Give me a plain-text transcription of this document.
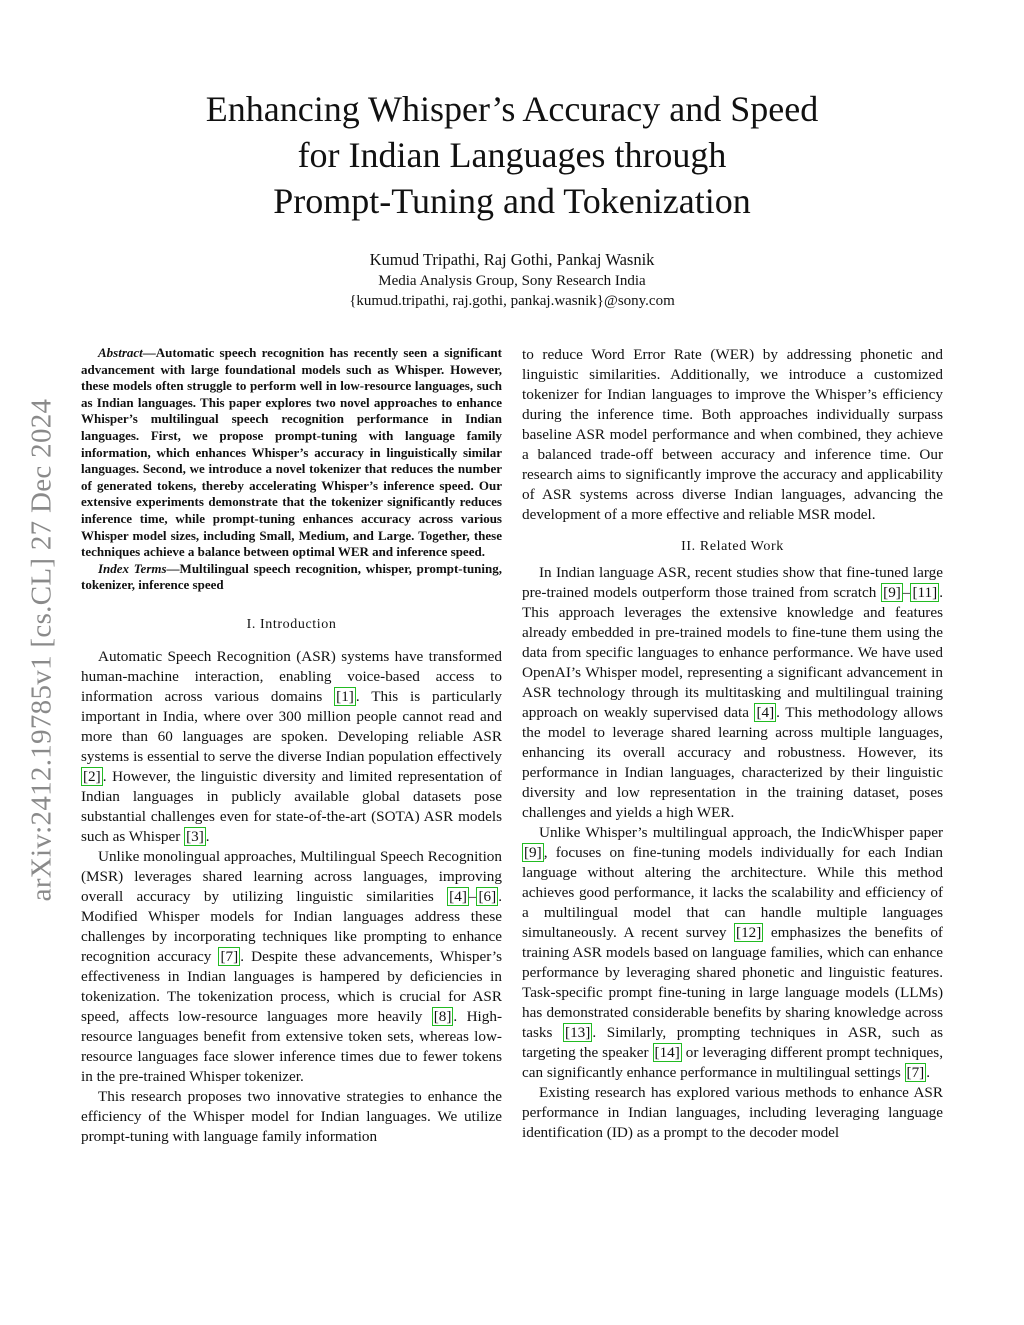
Enhancing Whisper’s Accuracy and Speed
for Indian Languages through
Prompt-Tuning and Tokenization
Kumud Tripathi, Raj Gothi, Pankaj Wasnik
Media Analysis Group, Sony Research India
{kumud.tripathi, raj.gothi, pankaj.wasnik}@sony.com
arXiv:2412.19785v1 [cs.CL] 27 Dec 2024

Abstract—Automatic speech recognition has recently seen a significant advancement with large foundational models such as Whisper. However, these models often struggle to perform well in low-resource languages, such as Indian languages. This paper explores two novel approaches to enhance Whisper’s multilingual speech recognition performance in Indian languages. First, we propose prompt-tuning with language family information, which enhances Whisper’s accuracy in linguistically similar languages. Second, we introduce a novel tokenizer that reduces the number of generated tokens, thereby accelerating Whisper’s inference speed. Our extensive experiments demonstrate that the tokenizer significantly reduces inference time, while prompt-tuning enhances accuracy across various Whisper model sizes, including Small, Medium, and Large. Together, these techniques achieve a balance between optimal WER and inference speed.

Index Terms—Multilingual speech recognition, whisper, prompt-tuning, tokenizer, inference speed

I. Introduction

Automatic Speech Recognition (ASR) systems have transformed human-machine interaction, enabling voice-based access to information across various domains [1] . This is particularly important in India, where over 300 million people cannot read and more than 60 languages are spoken. Developing reliable ASR systems is essential to serve the diverse Indian population effectively [2] . However, the linguistic diversity and limited representation of Indian languages in publicly available global datasets pose substantial challenges even for state-of-the-art (SOTA) ASR models such as Whisper [3] .

Unlike monolingual approaches, Multilingual Speech Recognition (MSR) leverages shared learning across languages, improving overall accuracy by utilizing linguistic similarities [4] – [6] . Modified Whisper models for Indian languages address these challenges by incorporating techniques like prompting to enhance recognition accuracy [7] . Despite these advancements, Whisper’s effectiveness in Indian languages is hampered by deficiencies in tokenization. The tokenization process, which is crucial for ASR speed, affects low-resource languages more heavily [8] . High-resource languages benefit from extensive token sets, whereas low-resource languages face slower inference times due to fewer tokens in the pre-trained Whisper tokenizer.

This research proposes two innovative strategies to enhance the efficiency of the Whisper model for Indian languages. We utilize prompt-tuning with language family information

to reduce Word Error Rate (WER) by addressing phonetic and linguistic similarities. Additionally, we introduce a customized tokenizer for Indian languages to improve the Whisper’s efficiency during the inference time. Both approaches individually surpass baseline ASR model performance and when combined, they achieve a balanced trade-off between accuracy and inference time. Our research aims to significantly improve the accuracy and applicability of ASR systems across diverse Indian languages, advancing the development of a more effective and reliable MSR model.

II. Related Work

In Indian language ASR, recent studies show that fine-tuned large pre-trained models outperform those trained from scratch [9] – [11] . This approach leverages the extensive knowledge and features already embedded in pre-trained models to fine-tune them using the data from specific languages to enhance performance. We have used OpenAI’s Whisper model, representing a significant advancement in ASR technology through its multitasking and multilingual training approach on weakly supervised data [4] . This methodology allows the model to leverage shared learning across multiple languages, enhancing its overall accuracy and robustness. However, its performance in Indian languages, characterized by their linguistic diversity and low representation in the training dataset, poses challenges and yields a high WER.

Unlike Whisper’s multilingual approach, the IndicWhisper paper [9] , focuses on fine-tuning models individually for each Indian language without altering the architecture. While this method achieves good performance, it lacks the scalability and efficiency of a multilingual model that can handle multiple languages simultaneously. A recent survey [12] emphasizes the benefits of training ASR models based on language families, which can enhance performance by leveraging shared phonetic and linguistic features. Task-specific prompt fine-tuning in large language models (LLMs) has demonstrated considerable benefits by sharing knowledge across tasks [13] . Similarly, prompting techniques in ASR, such as targeting the speaker [14] or leveraging different prompt techniques, can significantly enhance performance in multilingual settings [7] .

Existing research has explored various methods to enhance ASR performance in Indian languages, including leveraging language identification (ID) as a prompt to the decoder model
